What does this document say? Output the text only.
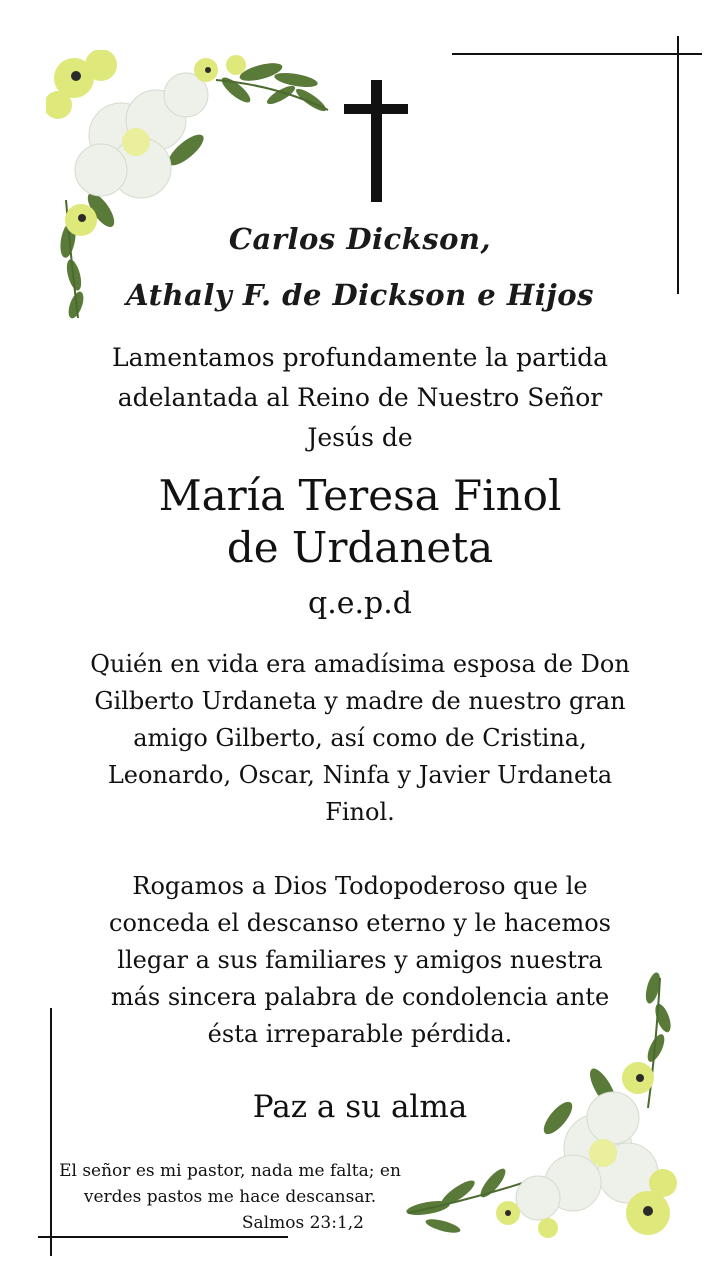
Carlos Dickson,
Athaly F. de Dickson e Hijos
Lamentamos profundamente la partida adelantada al Reino de Nuestro Señor Jesús de
María Teresa Finol
de Urdaneta
q.e.p.d
Quién en vida era amadísima esposa de Don Gilberto Urdaneta y madre de nuestro gran amigo Gilberto, así como de Cristina, Leonardo, Oscar, Ninfa y Javier Urdaneta Finol.
Rogamos a Dios Todopoderoso que le conceda el descanso eterno y le hacemos llegar a sus familiares y amigos nuestra más sincera palabra de condolencia ante ésta irreparable pérdida.
Paz a su alma
El señor es mi pastor, nada me falta; en verdes pastos me hace descansar.
Salmos 23:1,2
